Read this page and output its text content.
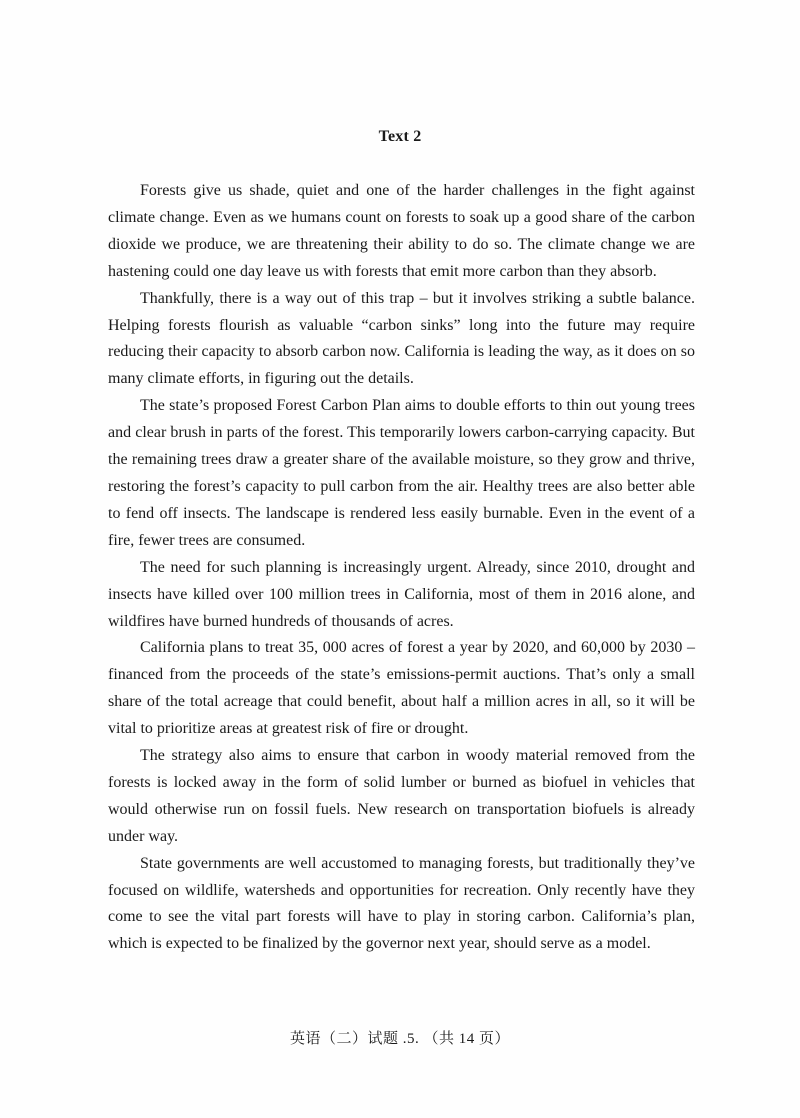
Text 2

Forests give us shade, quiet and one of the harder challenges in the fight against climate change. Even as we humans count on forests to soak up a good share of the carbon dioxide we produce, we are threatening their ability to do so. The climate change we are hastening could one day leave us with forests that emit more carbon than they absorb.

Thankfully, there is a way out of this trap – but it involves striking a subtle balance. Helping forests flourish as valuable “carbon sinks” long into the future may require reducing their capacity to absorb carbon now. California is leading the way, as it does on so many climate efforts, in figuring out the details.

The state’s proposed Forest Carbon Plan aims to double efforts to thin out young trees and clear brush in parts of the forest. This temporarily lowers carbon-carrying capacity. But the remaining trees draw a greater share of the available moisture, so they grow and thrive, restoring the forest’s capacity to pull carbon from the air. Healthy trees are also better able to fend off insects. The landscape is rendered less easily burnable. Even in the event of a fire, fewer trees are consumed.

The need for such planning is increasingly urgent. Already, since 2010, drought and insects have killed over 100 million trees in California, most of them in 2016 alone, and wildfires have burned hundreds of thousands of acres.

California plans to treat 35, 000 acres of forest a year by 2020, and 60,000 by 2030 – financed from the proceeds of the state’s emissions-permit auctions. That’s only a small share of the total acreage that could benefit, about half a million acres in all, so it will be vital to prioritize areas at greatest risk of fire or drought.

The strategy also aims to ensure that carbon in woody material removed from the forests is locked away in the form of solid lumber or burned as biofuel in vehicles that would otherwise run on fossil fuels. New research on transportation biofuels is already under way.

State governments are well accustomed to managing forests, but traditionally they’ve focused on wildlife, watersheds and opportunities for recreation. Only recently have they come to see the vital part forests will have to play in storing carbon. California’s plan, which is expected to be finalized by the governor next year, should serve as a model.

英语（二）试题 .5. （共 14 页）
